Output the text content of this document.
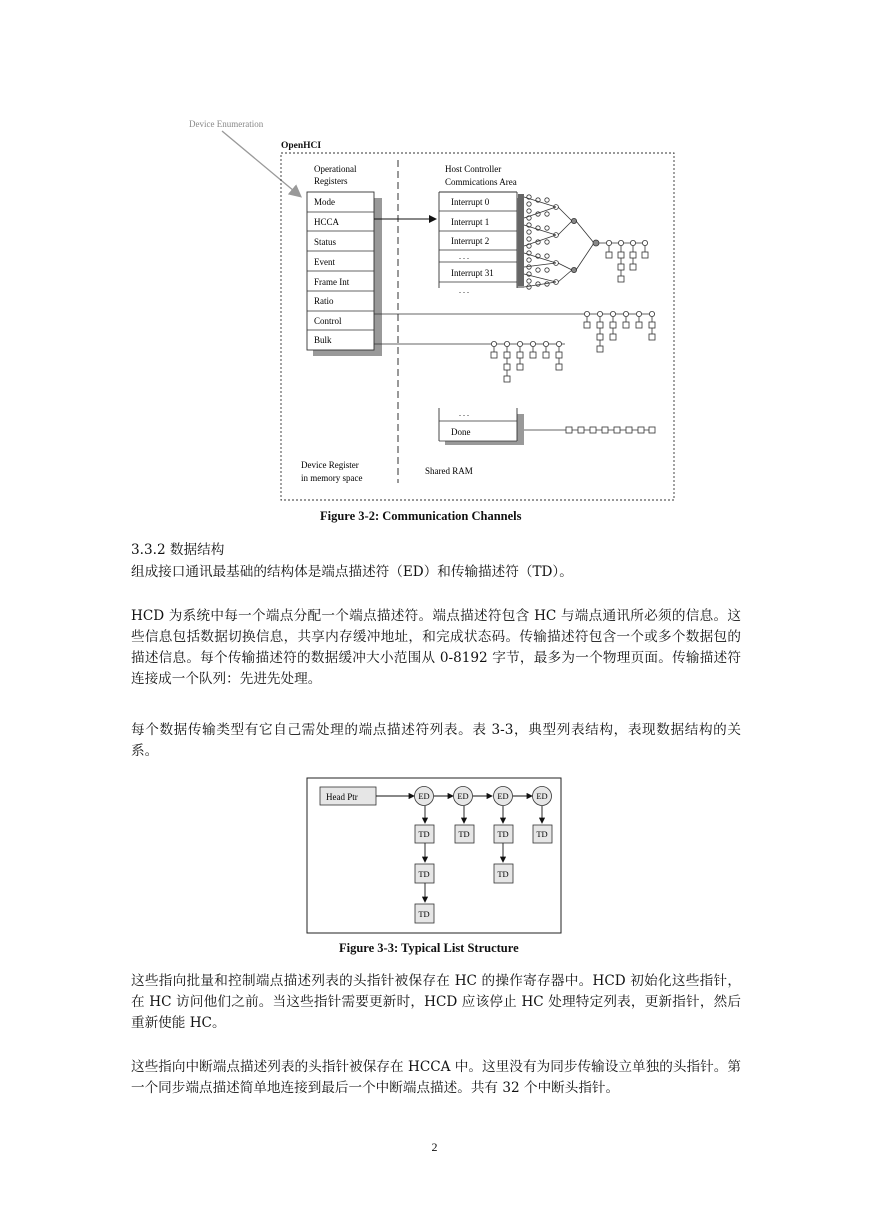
Device Enumeration
OpenHCI
Operational
Registers
Mode
HCCA
Status
Event
Frame Int
Ratio
Control
Bulk
Host Controller
Commications Area
Interrupt 0
Interrupt 1
Interrupt 2
. . .
Interrupt 31
. . .
. . .
Done
Device Register
in memory space
Shared RAM
Figure 3-2: Communication Channels
3.3.2 数据结构
组成接口通讯最基础的结构体是端点描述符（ED）和传输描述符（TD）。
HCD 为系统中每一个端点分配一个端点描述符。端点描述符包含 HC 与端点通讯所必须的信息。这些信息包括数据切换信息，共享内存缓冲地址，和完成状态码。传输描述符包含一个或多个数据包的描述信息。每个传输描述符的数据缓冲大小范围从 0-8192 字节，最多为一个物理页面。传输描述符连接成一个队列：先进先处理。
每个数据传输类型有它自己需处理的端点描述符列表。表 3-3，典型列表结构，表现数据结构的关系。
Head Ptr	ED	ED	ED	ED
TD	TD	TD	TD
TD	TD
TD
Figure 3-3: Typical List Structure
这些指向批量和控制端点描述列表的头指针被保存在 HC 的操作寄存器中。HCD 初始化这些指针，在 HC 访问他们之前。当这些指针需要更新时，HCD 应该停止 HC 处理特定列表，更新指针，然后重新使能 HC。
这些指向中断端点描述列表的头指针被保存在 HCCA 中。这里没有为同步传输设立单独的头指针。第一个同步端点描述简单地连接到最后一个中断端点描述。共有 32 个中断头指针。
2
